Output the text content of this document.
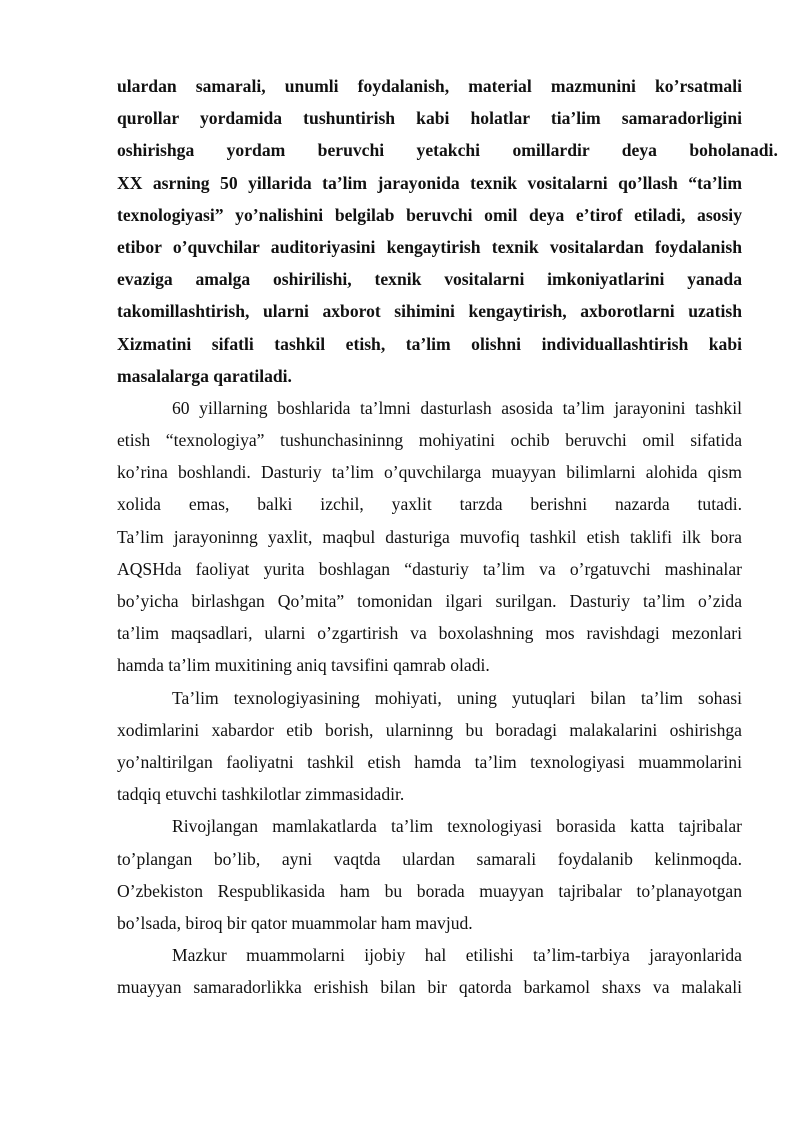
ulardan samarali, unumli foydalanish, material mazmunini ko’rsatmali
qurollar yordamida tushuntirish kabi holatlar tia’lim samaradorligini
oshirishga yordam beruvchi yetakchi omillardir deya boholanadi.
XX asrning 50 yillarida ta’lim jarayonida texnik vositalarni qo’llash “ta’lim
texnologiyasi” yo’nalishini belgilab beruvchi omil deya e’tirof etiladi, asosiy
etibor o’quvchilar auditoriyasini kengaytirish texnik vositalardan foydalanish
evaziga amalga oshirilishi, texnik vositalarni imkoniyatlarini yanada
takomillashtirish, ularni axborot sihimini kengaytirish, axborotlarni uzatish
Xizmatini sifatli tashkil etish, ta’lim olishni individuallashtirish kabi
masalalarga qaratiladi.
60 yillarning boshlarida ta’lmni dasturlash asosida ta’lim jarayonini tashkil
etish “texnologiya” tushunchasininng mohiyatini ochib beruvchi omil sifatida
ko’rina boshlandi. Dasturiy ta’lim o’quvchilarga muayyan bilimlarni alohida qism
xolida emas, balki izchil, yaxlit tarzda berishni nazarda tutadi.
Ta’lim jarayoninng yaxlit, maqbul dasturiga muvofiq tashkil etish taklifi ilk bora
AQSHda faoliyat yurita boshlagan “dasturiy ta’lim va o’rgatuvchi mashinalar
bo’yicha birlashgan Qo’mita” tomonidan ilgari surilgan. Dasturiy ta’lim o’zida
ta’lim maqsadlari, ularni o’zgartirish va boxolashning mos ravishdagi mezonlari
hamda ta’lim muxitining aniq tavsifini qamrab oladi.
Ta’lim texnologiyasining mohiyati, uning yutuqlari bilan ta’lim sohasi
xodimlarini xabardor etib borish, ularninng bu boradagi malakalarini oshirishga
yo’naltirilgan faoliyatni tashkil etish hamda ta’lim texnologiyasi muammolarini
tadqiq etuvchi tashkilotlar zimmasidadir.
Rivojlangan mamlakatlarda ta’lim texnologiyasi borasida katta tajribalar
to’plangan bo’lib, ayni vaqtda ulardan samarali foydalanib kelinmoqda.
O’zbekiston Respublikasida ham bu borada muayyan tajribalar to’planayotgan
bo’lsada, biroq bir qator muammolar ham mavjud.
Mazkur muammolarni ijobiy hal etilishi ta’lim-tarbiya jarayonlarida
muayyan samaradorlikka erishish bilan bir qatorda barkamol shaxs va malakali
